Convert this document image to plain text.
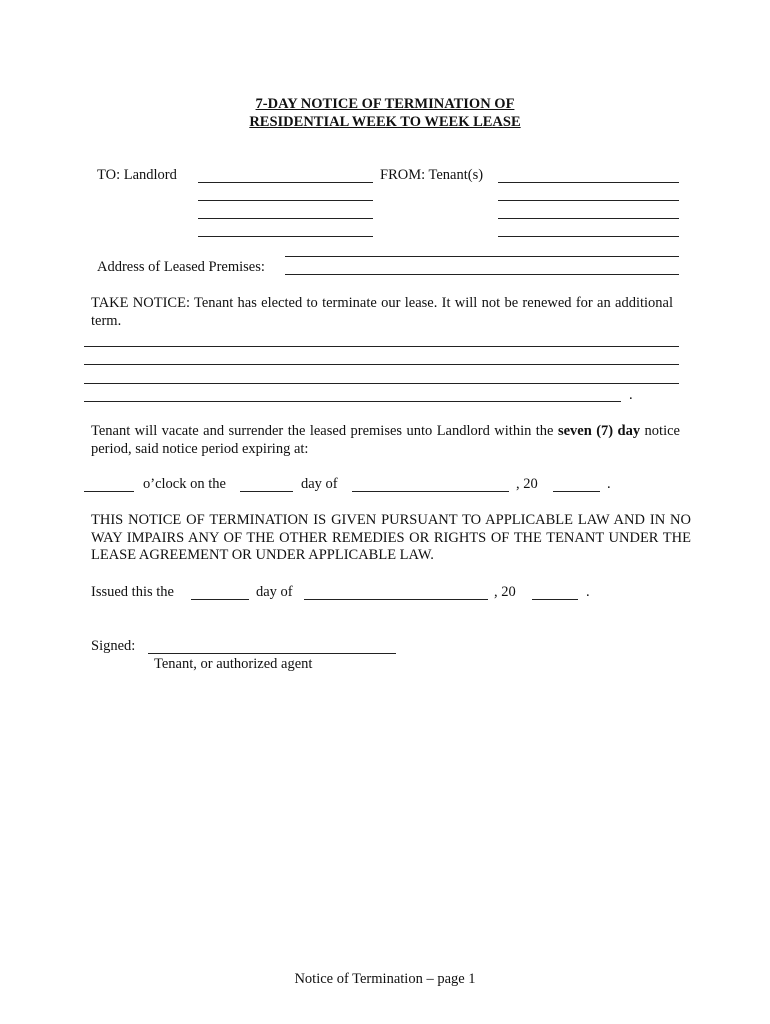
7-DAY NOTICE OF TERMINATION OF
RESIDENTIAL WEEK TO WEEK LEASE
TO: Landlord	FROM: Tenant(s)
Address of Leased Premises:
TAKE NOTICE: Tenant has elected to terminate our lease. It will not be renewed for an additional term.
.
Tenant will vacate and surrender the leased premises unto Landlord within the seven (7) day notice period, said notice period expiring at:
o’clock on the	day of	, 20	.
THIS NOTICE OF TERMINATION IS GIVEN PURSUANT TO APPLICABLE LAW AND IN NO WAY IMPAIRS ANY OF THE OTHER REMEDIES OR RIGHTS OF THE TENANT UNDER THE LEASE AGREEMENT OR UNDER APPLICABLE LAW.
Issued this the	day of	, 20	.
Signed:
Tenant, or authorized agent
Notice of Termination – page 1
